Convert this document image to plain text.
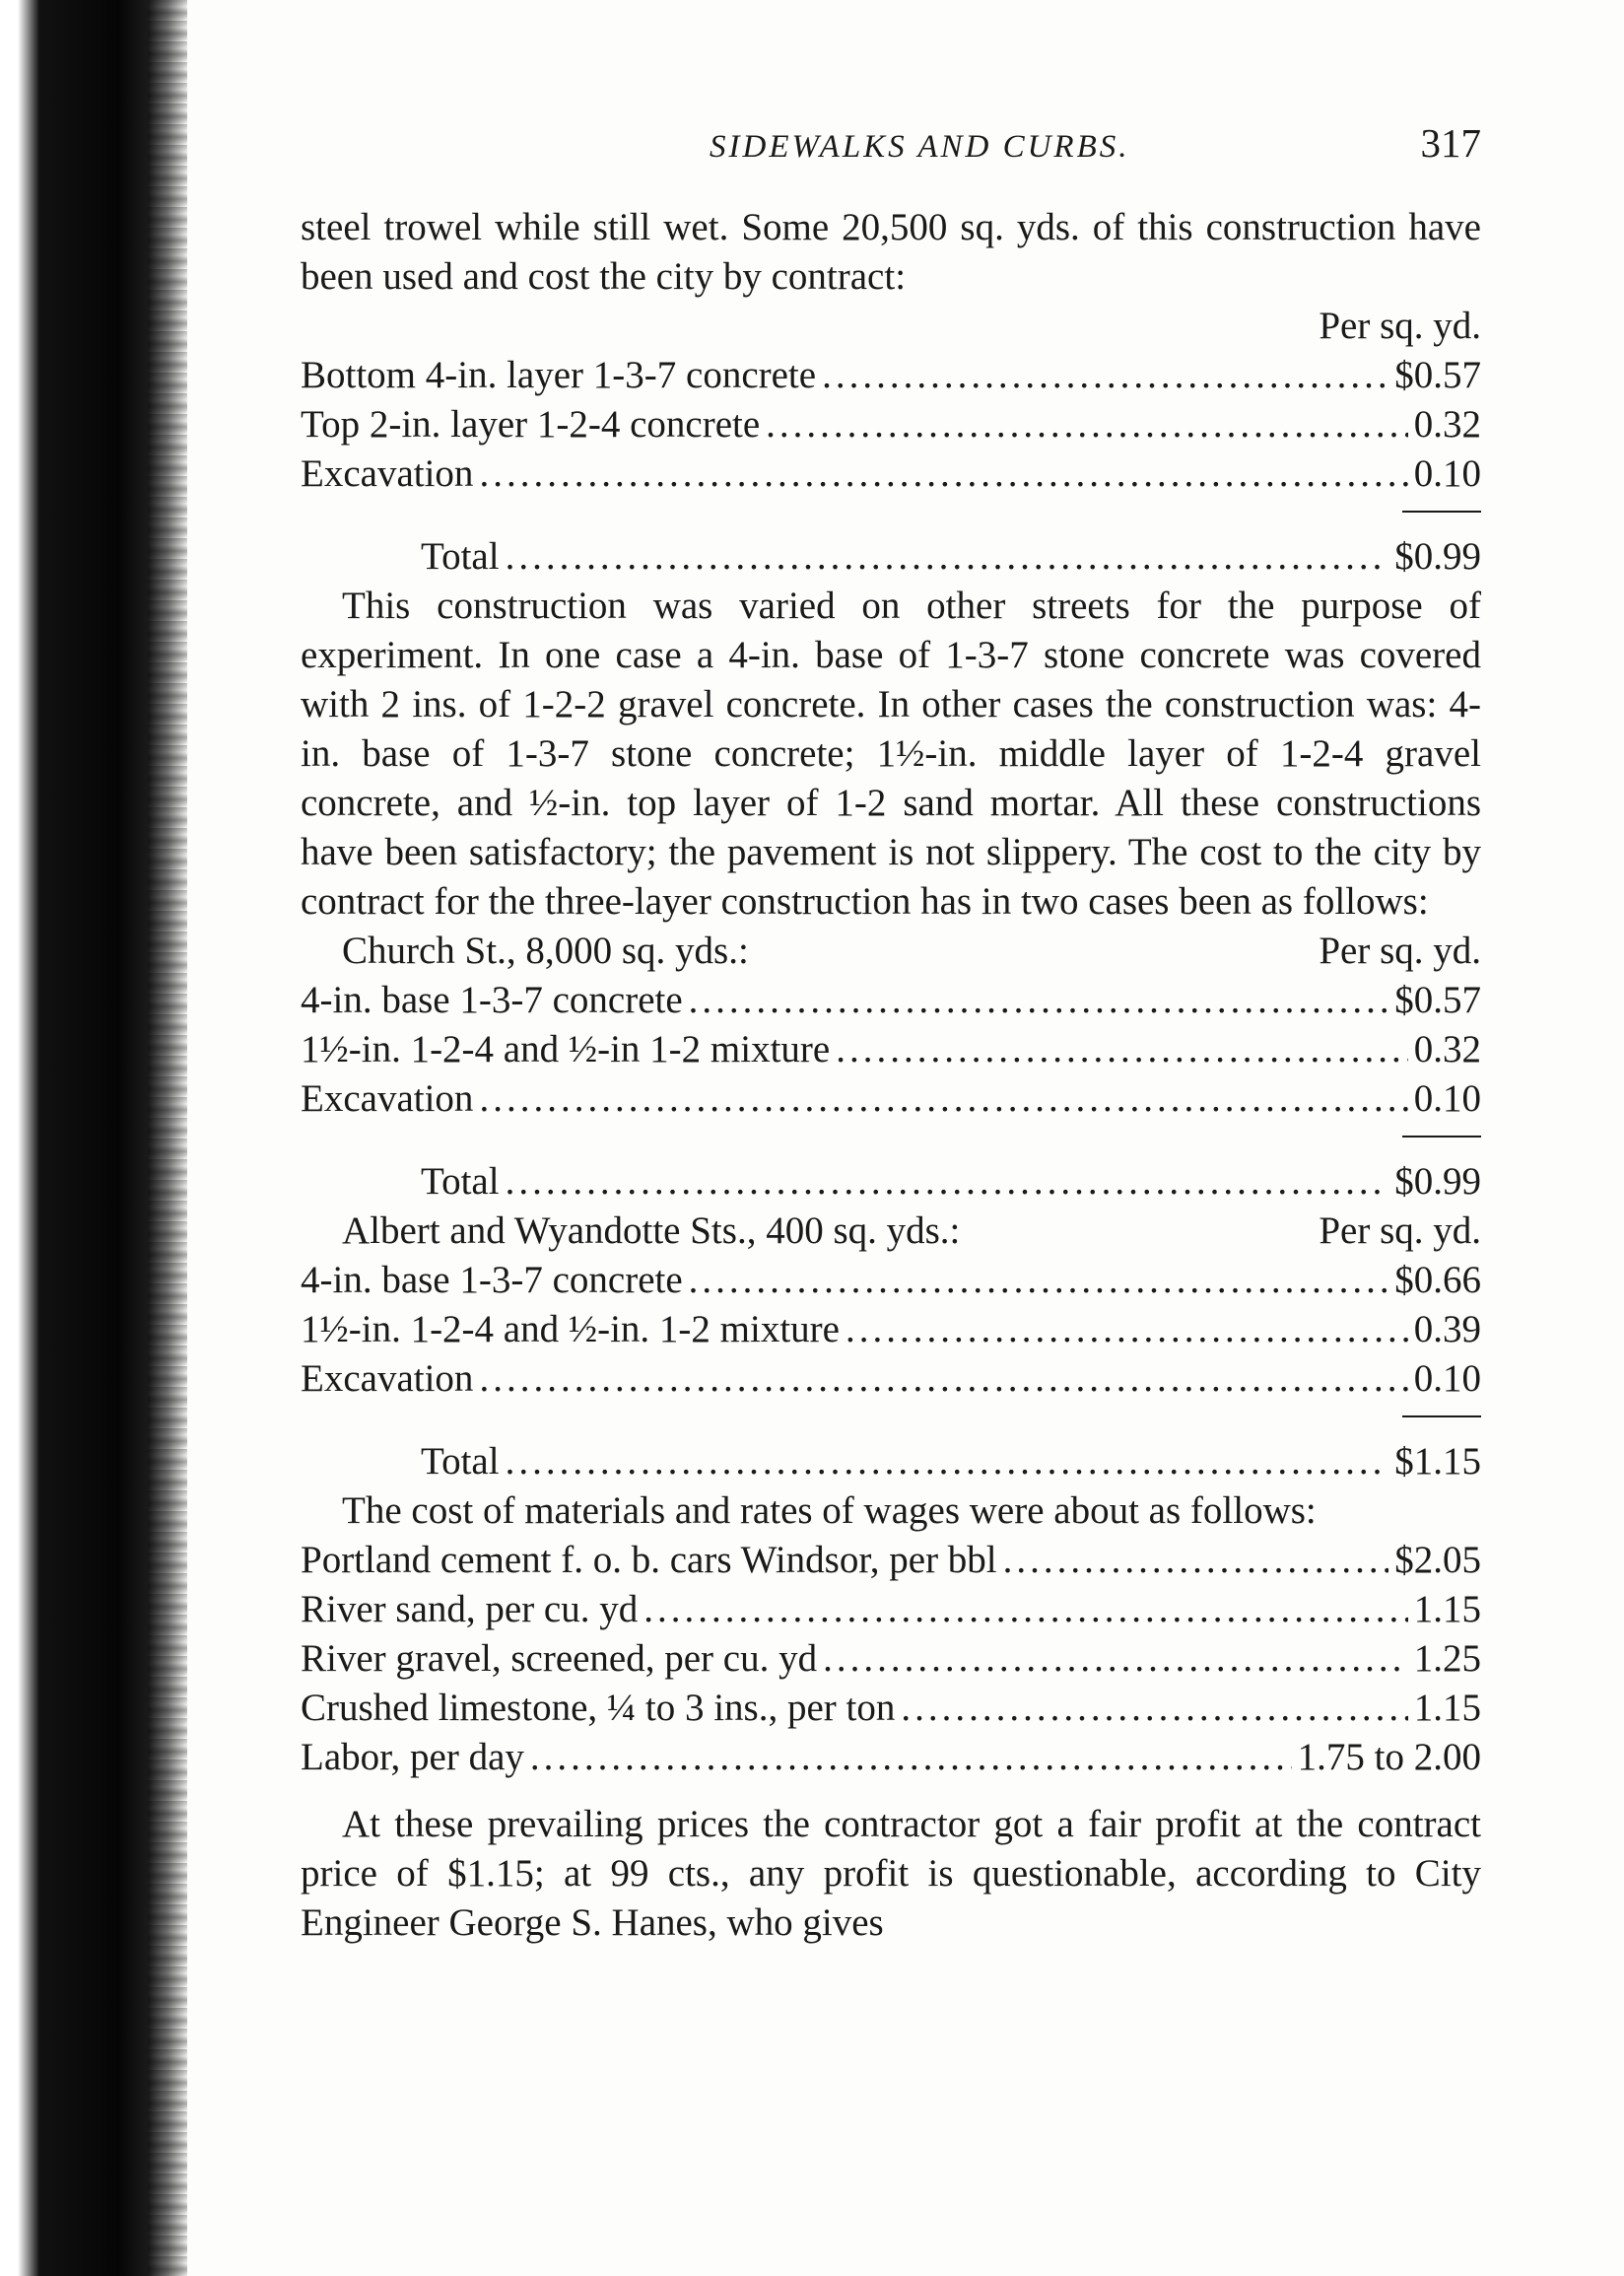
SIDEWALKS AND CURBS.	317

steel trowel while still wet. Some 20,500 sq. yds. of this construction have been used and cost the city by contract:

Per sq. yd.
Bottom 4-in. layer 1-3-7 concrete .....	$0.57
Top 2-in. layer 1-2-4 concrete .....	0.32
Excavation .....	0.10
Total .....	$0.99

This construction was varied on other streets for the purpose of experiment. In one case a 4-in. base of 1-3-7 stone concrete was covered with 2 ins. of 1-2-2 gravel concrete. In other cases the construction was: 4-in. base of 1-3-7 stone concrete; 1½-in. middle layer of 1-2-4 gravel concrete, and ½-in. top layer of 1-2 sand mortar. All these constructions have been satisfactory; the pavement is not slippery. The cost to the city by contract for the three-layer construction has in two cases been as follows:

Church St., 8,000 sq. yds.:	Per sq. yd.
4-in. base 1-3-7 concrete .....	$0.57
1½-in. 1-2-4 and ½-in 1-2 mixture .....	0.32
Excavation .....	0.10
Total .....	$0.99
Albert and Wyandotte Sts., 400 sq. yds.:	Per sq. yd.
4-in. base 1-3-7 concrete .....	$0.66
1½-in. 1-2-4 and ½-in. 1-2 mixture .....	0.39
Excavation .....	0.10
Total .....	$1.15

The cost of materials and rates of wages were about as follows:

Portland cement f. o. b. cars Windsor, per bbl .....	$2.05
River sand, per cu. yd .....	1.15
River gravel, screened, per cu. yd .....	1.25
Crushed limestone, ¼ to 3 ins., per ton .....	1.15
Labor, per day .....	1.75 to 2.00

At these prevailing prices the contractor got a fair profit at the contract price of $1.15; at 99 cts., any profit is questionable, according to City Engineer George S. Hanes, who gives
